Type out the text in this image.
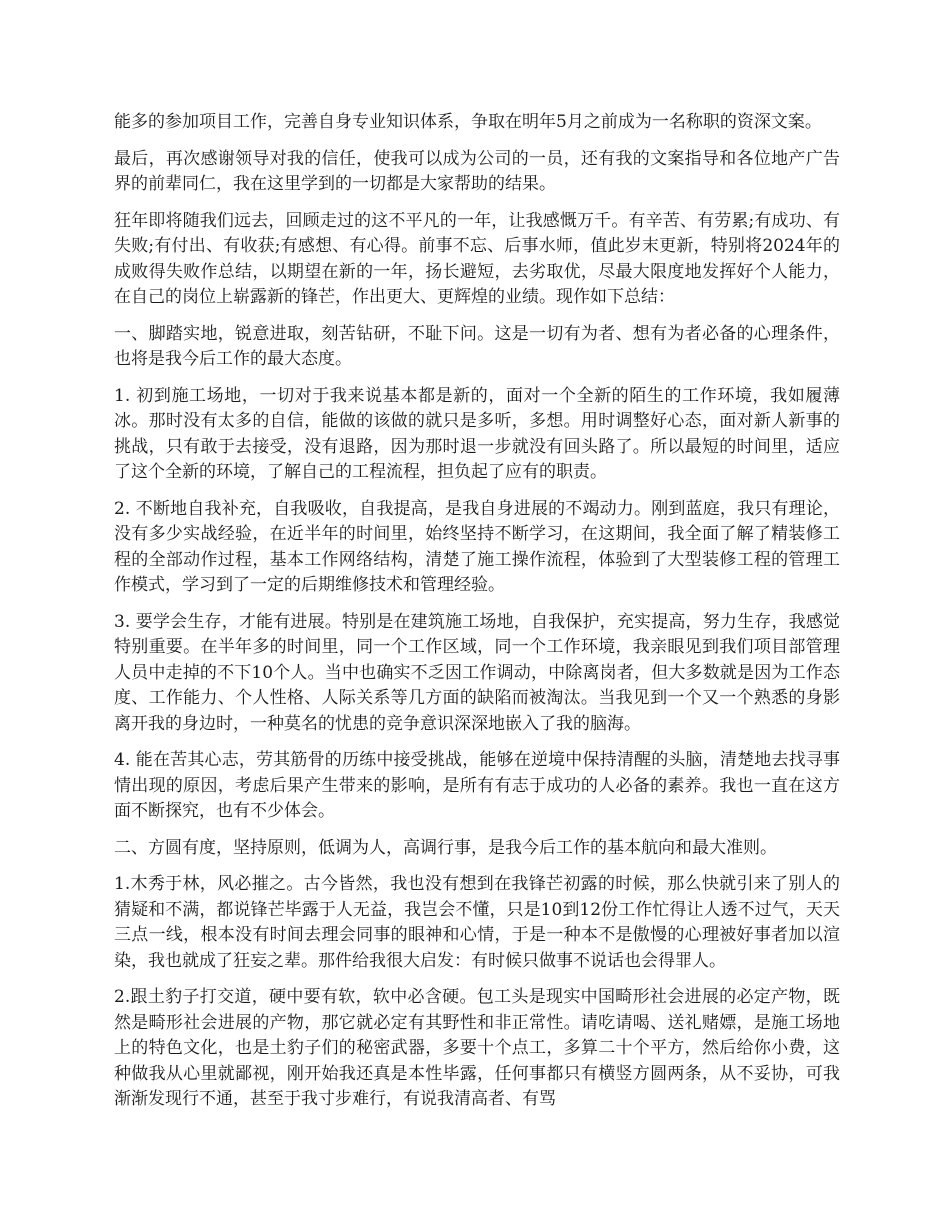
能多的参加项目工作，完善自身专业知识体系，争取在明年5月之前成为一名称职的资深文案。

最后，再次感谢领导对我的信任，使我可以成为公司的一员，还有我的文案指导和各位地产广告界的前辈同仁，我在这里学到的一切都是大家帮助的结果。

狂年即将随我们远去，回顾走过的这不平凡的一年，让我感慨万千。有辛苦、有劳累;有成功、有失败;有付出、有收获;有感想、有心得。前事不忘、后事水师，值此岁末更新，特别将2024年的成败得失败作总结，以期望在新的一年，扬长避短，去劣取优，尽最大限度地发挥好个人能力，在自己的岗位上崭露新的锋芒，作出更大、更辉煌的业绩。现作如下总结：

一、脚踏实地，锐意进取，刻苦钻研，不耻下问。这是一切有为者、想有为者必备的心理条件，也将是我今后工作的最大态度。

1. 初到施工场地，一切对于我来说基本都是新的，面对一个全新的陌生的工作环境，我如履薄冰。那时没有太多的自信，能做的该做的就只是多听，多想。用时调整好心态，面对新人新事的挑战，只有敢于去接受，没有退路，因为那时退一步就没有回头路了。所以最短的时间里，适应了这个全新的环境，了解自己的工程流程，担负起了应有的职责。

2. 不断地自我补充，自我吸收，自我提高，是我自身进展的不竭动力。刚到蓝庭，我只有理论，没有多少实战经验，在近半年的时间里，始终坚持不断学习，在这期间，我全面了解了精装修工程的全部动作过程，基本工作网络结构，清楚了施工操作流程，体验到了大型装修工程的管理工作模式，学习到了一定的后期维修技术和管理经验。

3. 要学会生存，才能有进展。特别是在建筑施工场地，自我保护，充实提高，努力生存，我感觉特别重要。在半年多的时间里，同一个工作区域，同一个工作环境，我亲眼见到我们项目部管理人员中走掉的不下10个人。当中也确实不乏因工作调动，中除离岗者，但大多数就是因为工作态度、工作能力、个人性格、人际关系等几方面的缺陷而被淘汰。当我见到一个又一个熟悉的身影离开我的身边时，一种莫名的忧患的竞争意识深深地嵌入了我的脑海。

4. 能在苦其心志，劳其筋骨的历练中接受挑战，能够在逆境中保持清醒的头脑，清楚地去找寻事情出现的原因，考虑后果产生带来的影响，是所有有志于成功的人必备的素养。我也一直在这方面不断探究，也有不少体会。

二、方圆有度，坚持原则，低调为人，高调行事，是我今后工作的基本航向和最大准则。

1.木秀于林，风必摧之。古今皆然，我也没有想到在我锋芒初露的时候，那么快就引来了别人的猜疑和不满，都说锋芒毕露于人无益，我岂会不懂，只是10到12份工作忙得让人透不过气，天天三点一线，根本没有时间去理会同事的眼神和心情，于是一种本不是傲慢的心理被好事者加以渲染，我也就成了狂妄之辈。那件给我很大启发：有时候只做事不说话也会得罪人。

2.跟土豹子打交道，硬中要有软，软中必含硬。包工头是现实中国畸形社会进展的必定产物，既然是畸形社会进展的产物，那它就必定有其野性和非正常性。请吃请喝、送礼赌嫖，是施工场地上的特色文化，也是土豹子们的秘密武器，多要十个点工，多算二十个平方，然后给你小费，这种做我从心里就鄙视，刚开始我还真是本性毕露，任何事都只有横竖方圆两条，从不妥协，可我渐渐发现行不通，甚至于我寸步难行，有说我清高者、有骂
